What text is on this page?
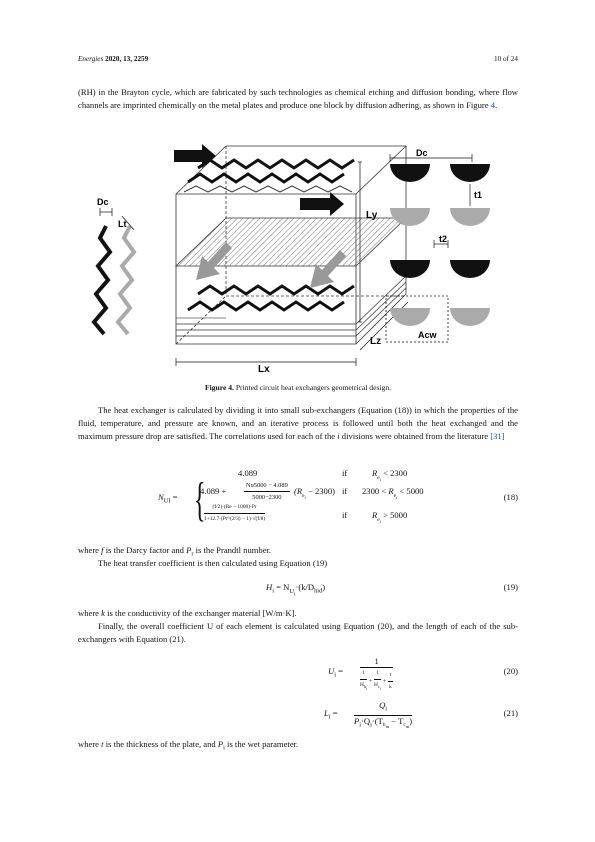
Energies 2020, 13, 2259	10 of 24

(RH) in the Brayton cycle, which are fabricated by such technologies as chemical etching and diffusion bonding, where flow channels are imprinted chemically on the metal plates and produce one block by diffusion adhering, as shown in Figure 4.

Dc
Lt
Ly
Lz
Lx
Dc
t1
t2
Acw
Figure 4. Printed circuit heat exchangers geometrical design.

The heat exchanger is calculated by dividing it into small sub-exchangers (Equation (18)) in which the properties of the fluid, temperature, and pressure are known, and an iterative process is followed until both the heat exchanged and the maximum pressure drop are satisfied. The correlations used for each of the i divisions were obtained from the literature [31]

$N_{UI}$ = {	4.089	if	$R_{e_i} < 2300$
4.089 +	$\frac{Nu5000 - 4.089}{5000-2300} (R_{e_i} - 2300)$ if $2300 < R_{e_i} < 5000$
$\frac{(f/2)\cdot(Re - 1000)\cdot Pr}{1+12.7\cdot(Pr\^{}(2/3) - 1)\cdot√(f/8)}$	if	$R_{e_i} > 5000$
(18)

where f is the Darcy factor and $P_r$ is the Prandtl number.

The heat transfer coefficient is then calculated using Equation (19)

$H_i = N_{U_i}\cdot(k/D_{hid})$	(19)

where k is the conductivity of the exchanger material [W/m·K].

Finally, the overall coefficient U of each element is calculated using Equation (20), and the length of each of the sub-exchangers with Equation (21).

$U_i$ =
1
$\frac{1}{H_{h_i}} + \frac{1}{H_{c_i}} + \frac{t}{k}$	(20)
$L_i$ =
$Q_i$
$P_i\cdot Q_i\cdot(T_{h_m} - T_{c_m})$
(21)

where t is the thickness of the plate, and $P_i$ is the wet parameter.
